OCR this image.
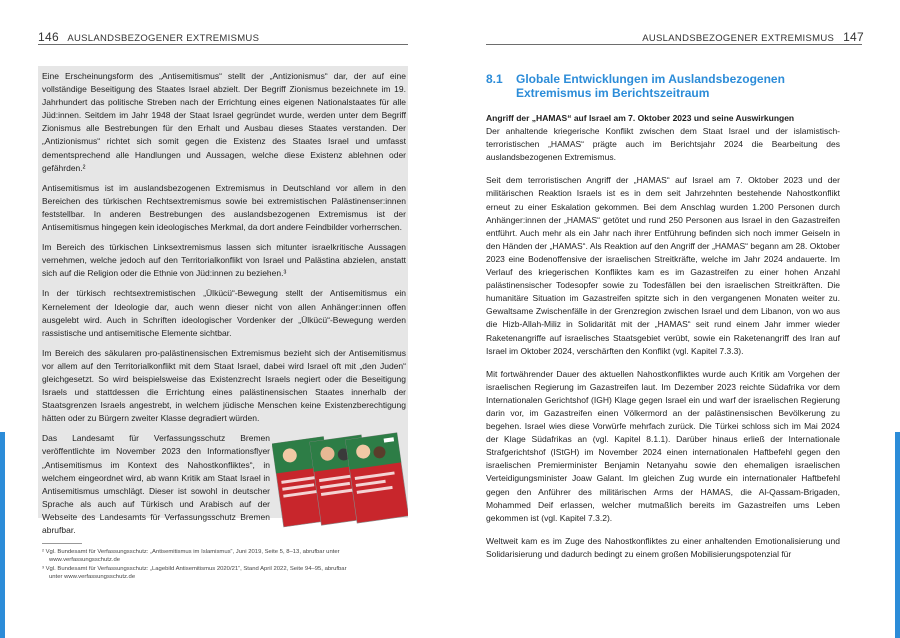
146 AUSLANDSBEZOGENER EXTREMISMUS	AUSLANDSBEZOGENER EXTREMISMUS 147

Eine Erscheinungsform des „Antisemitismus“ stellt der „Antizionismus“ dar, der auf eine vollständige Beseitigung des Staates Israel abzielt. Der Begriff Zionismus bezeichnete im 19. Jahrhundert das politische Streben nach der Errichtung eines eigenen Nationalstaates für alle Jüd:innen. Seitdem im Jahr 1948 der Staat Israel gegründet wurde, werden unter dem Begriff Zionismus alle Bestrebungen für den Erhalt und Ausbau dieses Staates verstanden. Der „Antizionismus“ richtet sich somit gegen die Existenz des Staates Israel und umfasst dementsprechend alle Handlungen und Aussagen, welche diese Existenz ablehnen oder gefährden.²

Antisemitismus ist im auslandsbezogenen Extremismus in Deutschland vor allem in den Bereichen des türkischen Rechtsextremismus sowie bei extremistischen Palästinenser:innen feststellbar. In anderen Bestrebungen des auslandsbezogenen Extremismus ist der Antisemitismus hingegen kein ideologisches Merkmal, da dort andere Feindbilder vorherrschen.

Im Bereich des türkischen Linksextremismus lassen sich mitunter israelkritische Aussagen vernehmen, welche jedoch auf den Territorialkonflikt von Israel und Palästina abzielen, anstatt sich auf die Religion oder die Ethnie von Jüd:innen zu beziehen.³

In der türkisch rechtsextremistischen „Ülkücü“-Bewegung stellt der Antisemitismus ein Kernelement der Ideologie dar, auch wenn dieser nicht von allen Anhänger:innen offen ausgelebt wird. Auch in Schriften ideologischer Vordenker der „Ülkücü“-Bewegung werden rassistische und antisemitische Elemente sichtbar.

Im Bereich des säkularen pro-palästinensischen Extremismus bezieht sich der Antisemitismus vor allem auf den Territorialkonflikt mit dem Staat Israel, dabei wird Israel oft mit „den Juden“ gleichgesetzt. So wird beispielsweise das Existenzrecht Israels negiert oder die Beseitigung Israels und stattdessen die Errichtung eines palästinensischen Staates innerhalb der Staatsgrenzen Israels angestrebt, in welchem jüdische Menschen keine Existenzberechtigung hätten oder zu Bürgern zweiter Klasse degradiert würden.

Das Landesamt für Verfassungsschutz Bremen veröffentlichte im November 2023 den Informationsflyer „Antisemitismus im Kontext des Nahostkonfliktes“, in welchem eingeordnet wird, ab wann Kritik am Staat Israel in Antisemitismus umschlägt. Dieser ist sowohl in deutscher Sprache als auch auf Türkisch und Arabisch auf der Webseite des Landesamts für Verfassungsschutz Bremen abrufbar.

² Vgl. Bundesamt für Verfassungsschutz: „Antisemitismus im Islamismus“, Juni 2019, Seite 5, 8–13, abrufbar unter

www.verfassungsschutz.de

³ Vgl. Bundesamt für Verfassungsschutz: „Lagebild Antisemitismus 2020/21“, Stand April 2022, Seite 94–95, abrufbar

unter www.verfassungsschutz.de

8.1 Globale Entwicklungen im Auslandsbezogenen
Extremismus im Berichtszeitraum

Angriff der „HAMAS“ auf Israel am 7. Oktober 2023 und seine Auswirkungen

Der anhaltende kriegerische Konflikt zwischen dem Staat Israel und der islamistisch-terroristischen „HAMAS“ prägte auch im Berichtsjahr 2024 die Bearbeitung des auslandsbezogenen Extremismus.

Seit dem terroristischen Angriff der „HAMAS“ auf Israel am 7. Oktober 2023 und der militärischen Reaktion Israels ist es in dem seit Jahrzehnten bestehende Nahostkonflikt erneut zu einer Eskalation gekommen. Bei dem Anschlag wurden 1.200 Personen durch Anhänger:innen der „HAMAS“ getötet und rund 250 Personen aus Israel in den Gazastreifen entführt. Auch mehr als ein Jahr nach ihrer Entführung befinden sich noch immer Geiseln in den Händen der „HAMAS“. Als Reaktion auf den Angriff der „HAMAS“ begann am 28. Oktober 2023 eine Bodenoffensive der israelischen Streitkräfte, welche im Jahr 2024 andauerte. Im Verlauf des kriegerischen Konfliktes kam es im Gazastreifen zu einer hohen Anzahl palästinensischer Todesopfer sowie zu Todesfällen bei den israelischen Streitkräften. Die humanitäre Situation im Gazastreifen spitzte sich in den vergangenen Monaten weiter zu. Gewaltsame Zwischenfälle in der Grenzregion zwischen Israel und dem Libanon, von wo aus die Hizb-Allah-Miliz in Solidarität mit der „HAMAS“ seit rund einem Jahr immer wieder Raketenangriffe auf israelisches Staatsgebiet verübt, sowie ein Raketenangriff des Iran auf Israel im Oktober 2024, verschärften den Konflikt (vgl. Kapitel 7.3.3).

Mit fortwährender Dauer des aktuellen Nahostkonfliktes wurde auch Kritik am Vorgehen der israelischen Regierung im Gazastreifen laut. Im Dezember 2023 reichte Südafrika vor dem Internationalen Gerichtshof (IGH) Klage gegen Israel ein und warf der israelischen Regierung darin vor, im Gazastreifen einen Völkermord an der palästinensischen Bevölkerung zu begehen. Israel wies diese Vorwürfe mehrfach zurück. Die Türkei schloss sich im Mai 2024 der Klage Südafrikas an (vgl. Kapitel 8.1.1). Darüber hinaus erließ der Internationale Strafgerichtshof (IStGH) im November 2024 einen internationalen Haftbefehl gegen den israelischen Premierminister Benjamin Netanyahu sowie den ehemaligen israelischen Verteidigungsminister Joaw Galant. Im gleichen Zug wurde ein internationaler Haftbefehl gegen den Anführer des militärischen Arms der HAMAS, die Al-Qassam-Brigaden, Mohammed Deif erlassen, welcher mutmaßlich bereits im Gazastreifen ums Leben gekommen ist (vgl. Kapitel 7.3.2).

Weltweit kam es im Zuge des Nahostkonfliktes zu einer anhaltenden Emotionalisierung und Solidarisierung und dadurch bedingt zu einem großen Mobilisierungspotenzial für
